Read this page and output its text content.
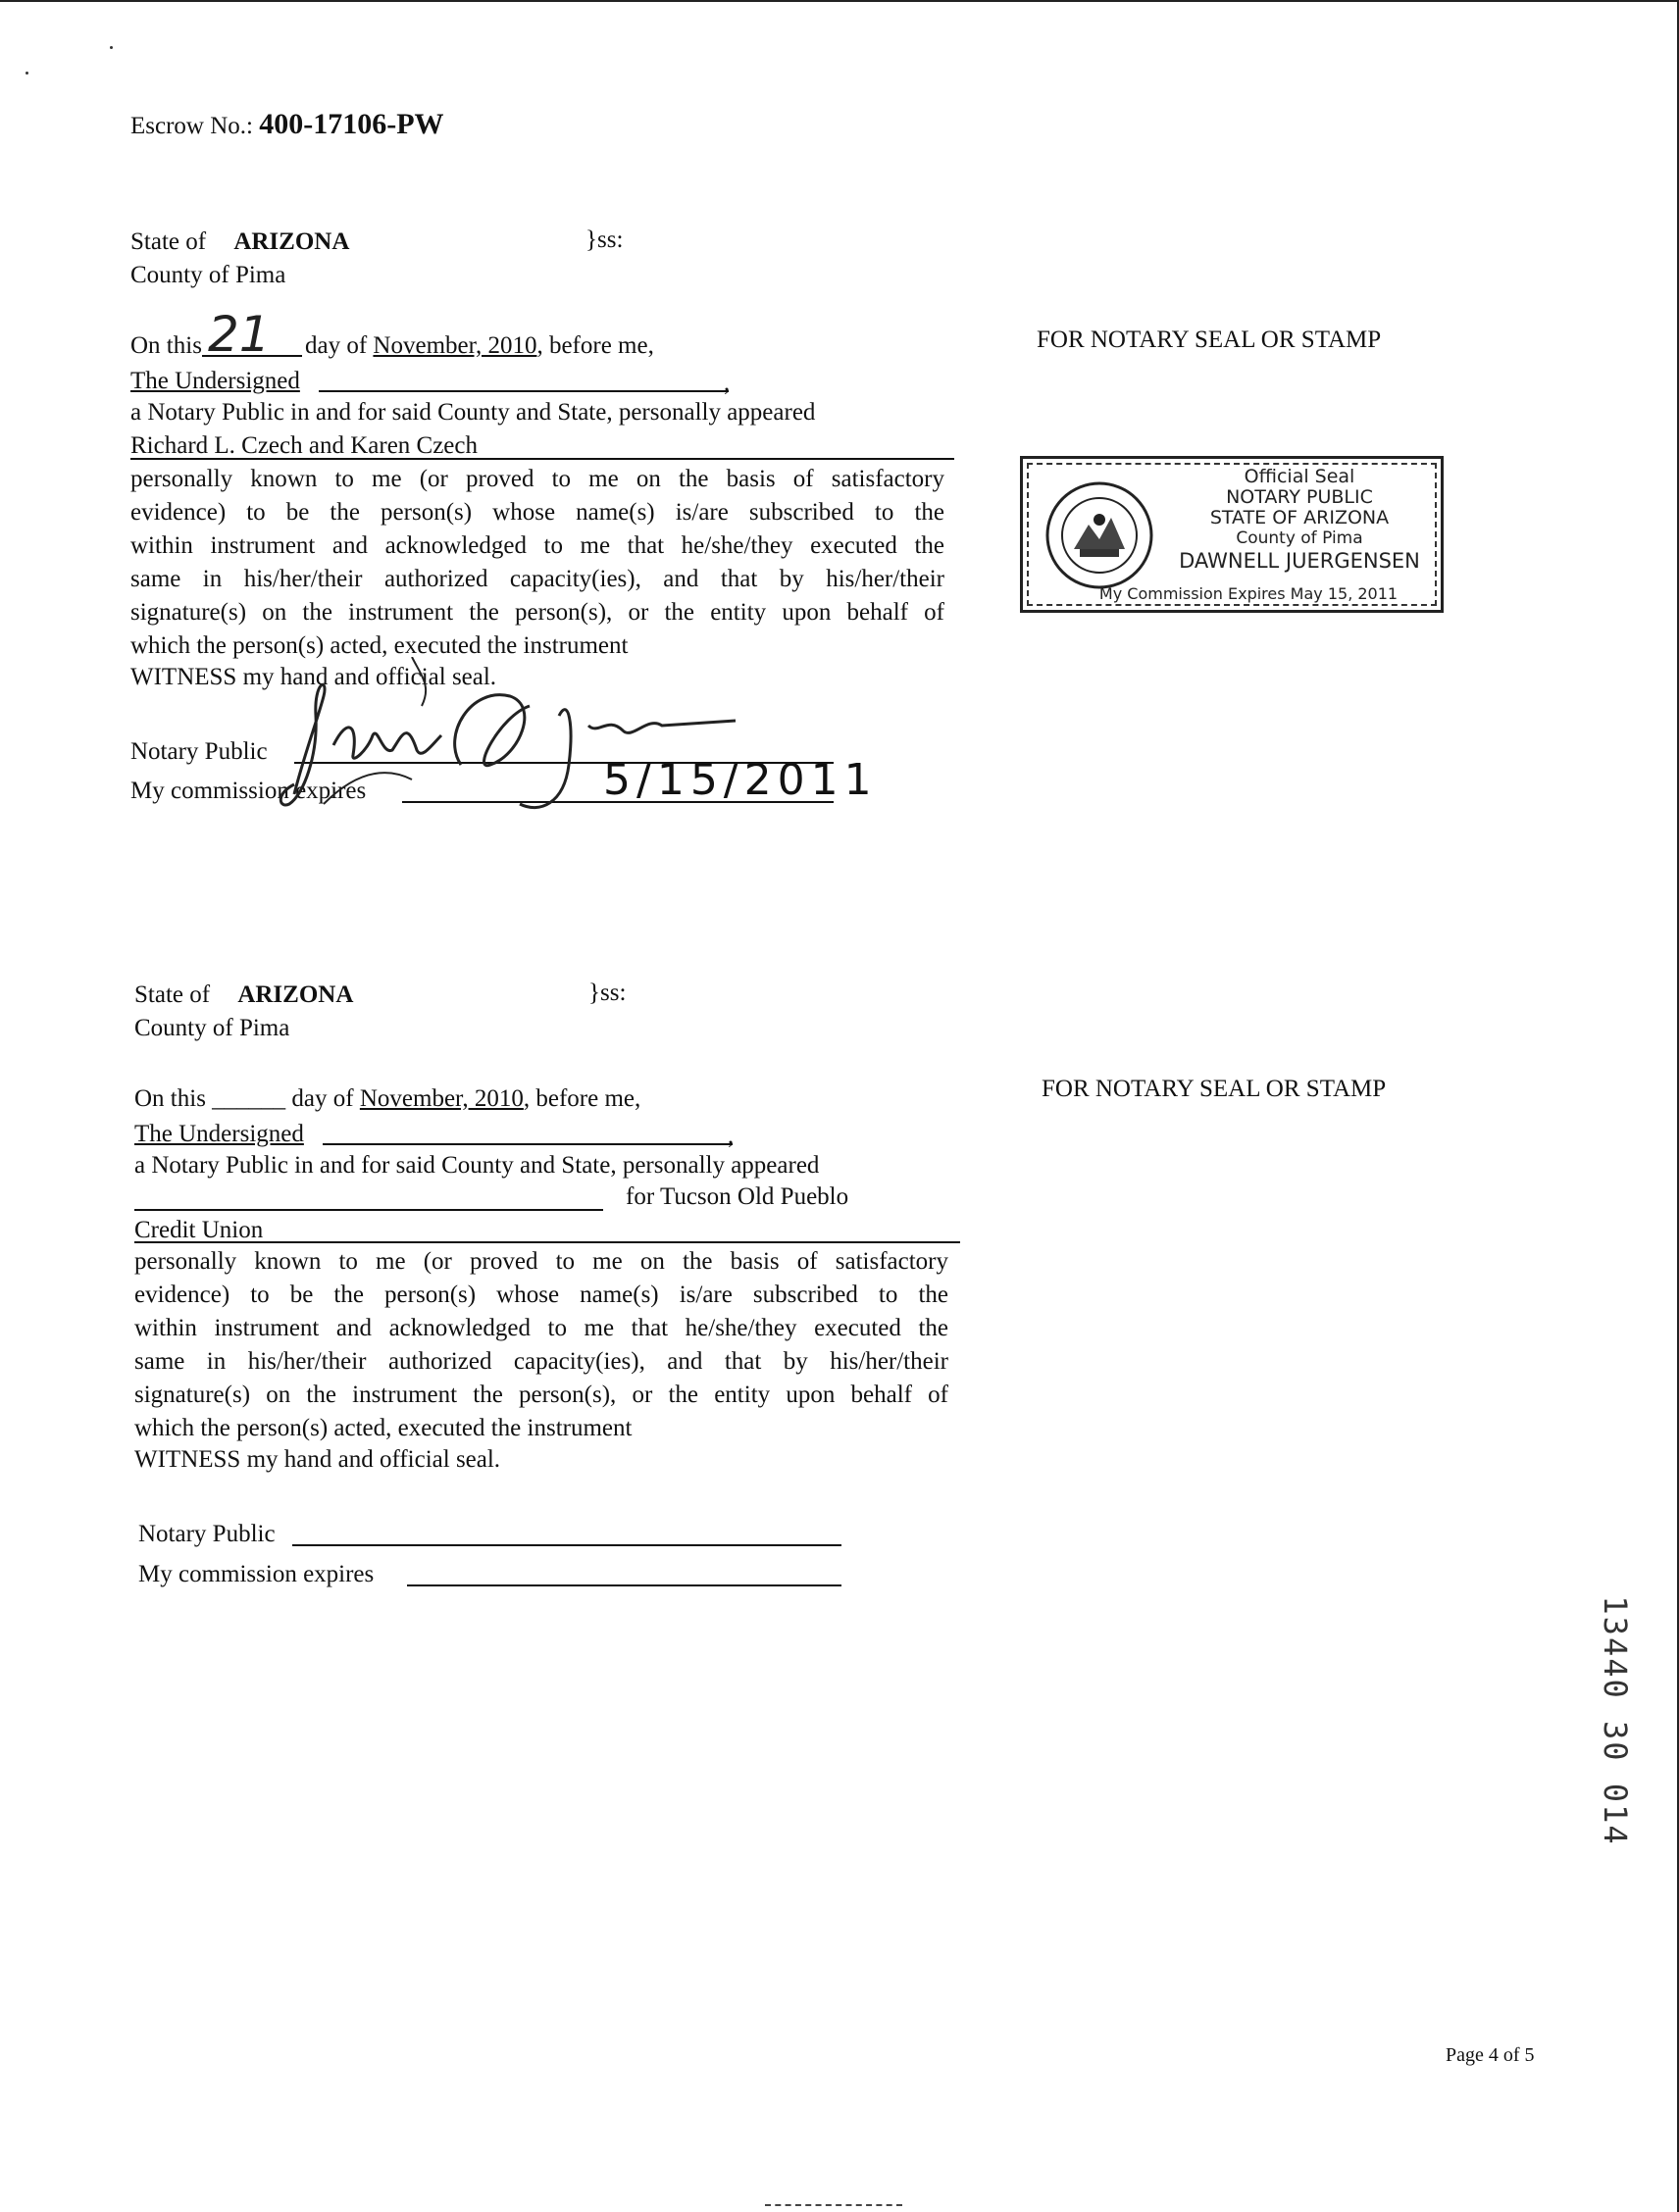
Escrow No.: 400-17106-PW
State of ARIZONA	}ss:
County of Pima
On this 21 day of November, 2010, before me,
The Undersigned	,
a Notary Public in and for said County and State, personally appeared
Richard L. Czech and Karen Czech
personally known to me (or proved to me on the basis of satisfactory
evidence) to be the person(s) whose name(s) is/are subscribed to the
within instrument and acknowledged to me that he/she/they executed the
same in his/her/their authorized capacity(ies), and that by his/her/their
signature(s) on the instrument the person(s), or the entity upon behalf of
which the person(s) acted, executed the instrument
WITNESS my hand and official seal.
Notary Public
My commission expires	5/15/2011
FOR NOTARY SEAL OR STAMP
Official Seal
NOTARY PUBLIC
STATE OF ARIZONA
County of Pima
DAWNELL JUERGENSEN
My Commission Expires May 15, 2011
State of ARIZONA	}ss:
County of Pima
On this ______ day of November, 2010, before me,
The Undersigned	,
a Notary Public in and for said County and State, personally appeared
for Tucson Old Pueblo
Credit Union
personally known to me (or proved to me on the basis of satisfactory
evidence) to be the person(s) whose name(s) is/are subscribed to the
within instrument and acknowledged to me that he/she/they executed the
same in his/her/their authorized capacity(ies), and that by his/her/their
signature(s) on the instrument the person(s), or the entity upon behalf of
which the person(s) acted, executed the instrument
WITNESS my hand and official seal.
Notary Public
My commission expires
FOR NOTARY SEAL OR STAMP
13440 30 014
Page 4 of 5
